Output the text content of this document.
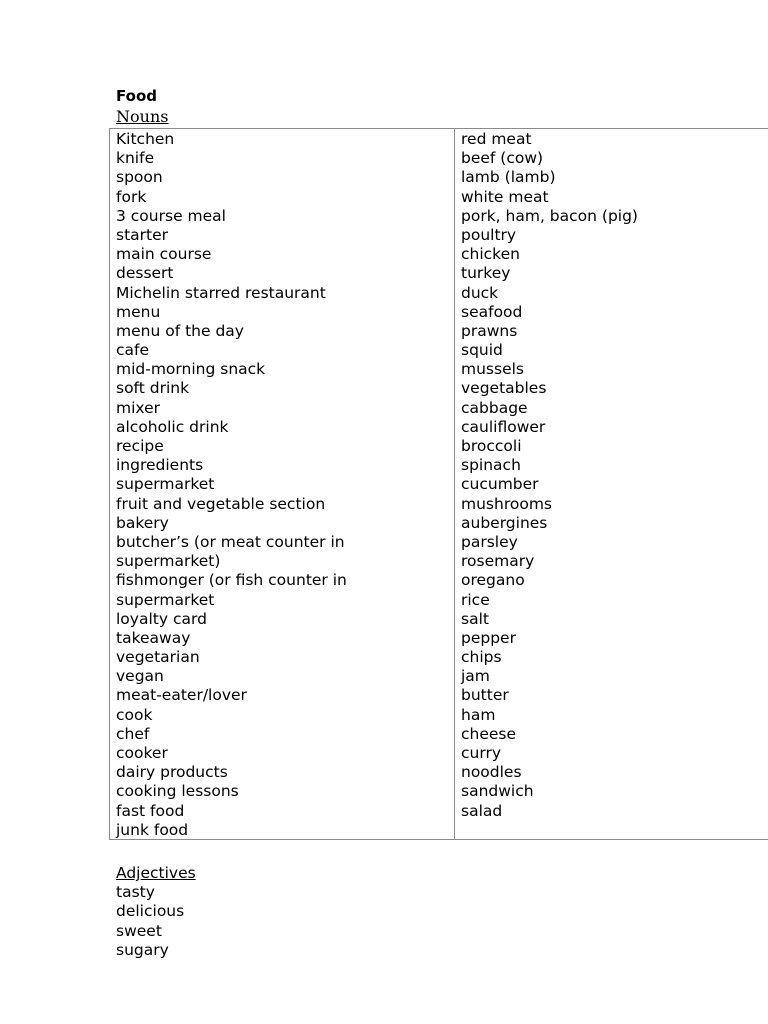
Food
Nouns
Kitchen
knife
spoon
fork
3 course meal
starter
main course
dessert
Michelin starred restaurant
menu
menu of the day
cafe
mid-morning snack
soft drink
mixer
alcoholic drink
recipe
ingredients
supermarket
fruit and vegetable section
bakery
butcher’s (or meat counter in
supermarket)
fishmonger (or fish counter in
supermarket
loyalty card
takeaway
vegetarian
vegan
meat-eater/lover
cook
chef
cooker
dairy products
cooking lessons
fast food
junk food
red meat
beef (cow)
lamb (lamb)
white meat
pork, ham, bacon (pig)
poultry
chicken
turkey
duck
seafood
prawns
squid
mussels
vegetables
cabbage
cauliflower
broccoli
spinach
cucumber
mushrooms
aubergines
parsley
rosemary
oregano
rice
salt
pepper
chips
jam
butter
ham
cheese
curry
noodles
sandwich
salad
Adjectives
tasty
delicious
sweet
sugary
